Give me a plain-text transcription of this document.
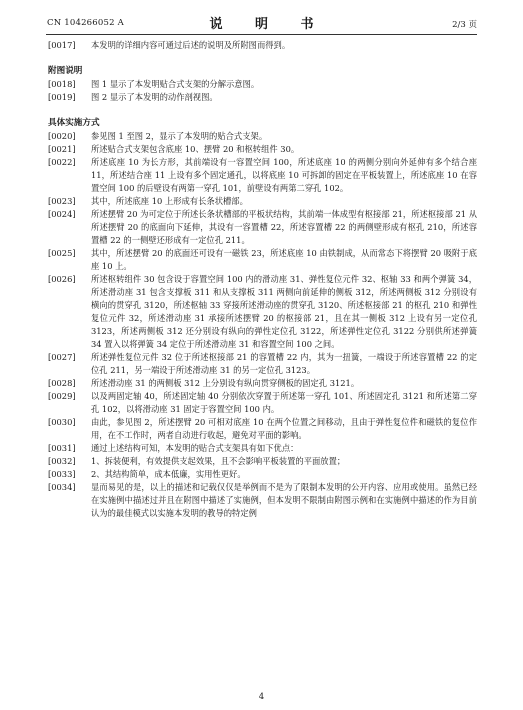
CN 104266052 A	说 明 书	2/3 页
[0017]	本发明的详细内容可通过后述的说明及所附图而得到。
附图说明
[0018]	图 1 显示了本发明贴合式支架的分解示意图。
[0019]	图 2 显示了本发明的动作剖视图。
具体实施方式
[0020]	参见图 1 至图 2，显示了本发明的贴合式支架。
[0021]	所述贴合式支架包含底座 10、摆臂 20 和枢转组件 30。
[0022]	所述底座 10 为长方形，其前端设有一容置空间 100，所述底座 10 的两侧分别向外延伸有多个结合座 11，所述结合座 11 上设有多个固定通孔，以将底座 10 可拆卸的固定在平板装置上，所述底座 10 在容置空间 100 的后壁设有两第一穿孔 101，前壁设有两第二穿孔 102。
[0023]	其中，所述底座 10 上形成有长条状槽部。
[0024]	所述摆臂 20 为可定位于所述长条状槽部的平板状结构，其前端一体成型有枢接部 21，所述枢接部 21 从所述摆臂 20 的底面向下延伸，其设有一容置槽 22，所述容置槽 22 的两侧壁形成有枢孔 210，所述容置槽 22 的一侧壁还形成有一定位孔 211。
[0025]	其中，所述摆臂 20 的底面还可设有一磁铁 23，所述底座 10 由铁制成，从而常态下将摆臂 20 吸附于底座 10 上。
[0026]	所述枢转组件 30 包含设于容置空间 100 内的滑动座 31、弹性复位元件 32、枢轴 33 和两个弹簧 34，所述滑动座 31 包含支撑板 311 和从支撑板 311 两侧向前延伸的侧板 312，所述两侧板 312 分别设有横向的贯穿孔 3120，所述枢轴 33 穿接所述滑动座的贯穿孔 3120、所述枢接部 21 的枢孔 210 和弹性复位元件 32，所述滑动座 31 承接所述摆臂 20 的枢接部 21，且在其一侧板 312 上设有另一定位孔 3123，所述两侧板 312 还分别设有纵向的弹性定位孔 3122，所述弹性定位孔 3122 分别供所述弹簧 34 置入以将弹簧 34 定位于所述滑动座 31 和容置空间 100 之间。
[0027]	所述弹性复位元件 32 位于所述枢接部 21 的容置槽 22 内，其为一扭簧，一端设于所述容置槽 22 的定位孔 211，另一端设于所述滑动座 31 的另一定位孔 3123。
[0028]	所述滑动座 31 的两侧板 312 上分别设有纵向贯穿侧板的固定孔 3121。
[0029]	以及两固定轴 40，所述固定轴 40 分别依次穿置于所述第一穿孔 101、所述固定孔 3121 和所述第二穿孔 102，以将滑动座 31 固定于容置空间 100 内。
[0030]	由此，参见图 2，所述摆臂 20 可相对底座 10 在两个位置之间移动，且由于弹性复位件和磁铁的复位作用，在不工作时，两者自动进行收起，避免对平面的影响。
[0031]	通过上述结构可知，本发明的贴合式支架具有如下优点：
[0032]	1、拆装便利，有效提供支起效果，且不会影响平板装置的平面放置；
[0033]	2、其结构简单，成本低廉，实用性更好。
[0034]	显而易见的是，以上的描述和记载仅仅是举例而不是为了限制本发明的公开内容、应用或使用。虽然已经在实施例中描述过并且在附图中描述了实施例，但本发明不限制由附图示例和在实施例中描述的作为目前认为的最佳模式以实施本发明的教导的特定例
4
